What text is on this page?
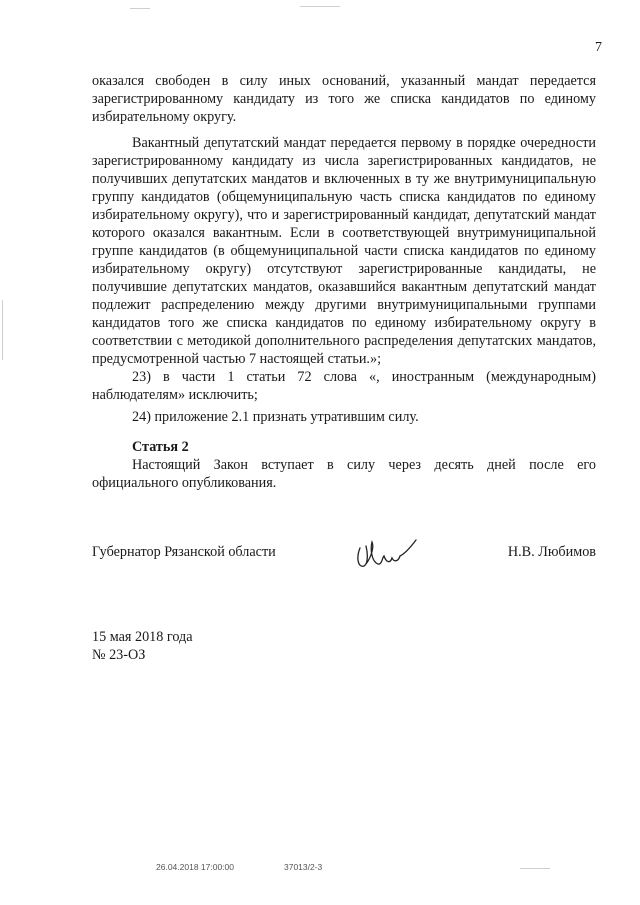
7

оказался свободен в силу иных оснований, указанный мандат передается зарегистрированному кандидату из того же списка кандидатов по единому избирательному округу.

Вакантный депутатский мандат передается первому в порядке очередности зарегистрированному кандидату из числа зарегистрированных кандидатов, не получивших депутатских мандатов и включенных в ту же внутримуниципальную группу кандидатов (общемуниципальную часть списка кандидатов по единому избирательному округу), что и зарегистрированный кандидат, депутатский мандат которого оказался вакантным. Если в соответствующей внутримуниципальной группе кандидатов (в общемуниципальной части списка кандидатов по единому избирательному округу) отсутствуют зарегистрированные кандидаты, не получившие депутатских мандатов, оказавшийся вакантным депутатский мандат подлежит распределению между другими внутримуниципальными группами кандидатов того же списка кандидатов по единому избирательному округу в соответствии с методикой дополнительного распределения депутатских мандатов, предусмотренной частью 7 настоящей статьи.»;

23) в части 1 статьи 72 слова «, иностранным (международным) наблюдателям» исключить;

24) приложение 2.1 признать утратившим силу.

Статья 2

Настоящий Закон вступает в силу через десять дней после его официального опубликования.

Губернатор Рязанской области	Н.В. Любимов
15 мая 2018 года
№ 23-ОЗ
26.04.2018 17:00:00	37013/2-3
